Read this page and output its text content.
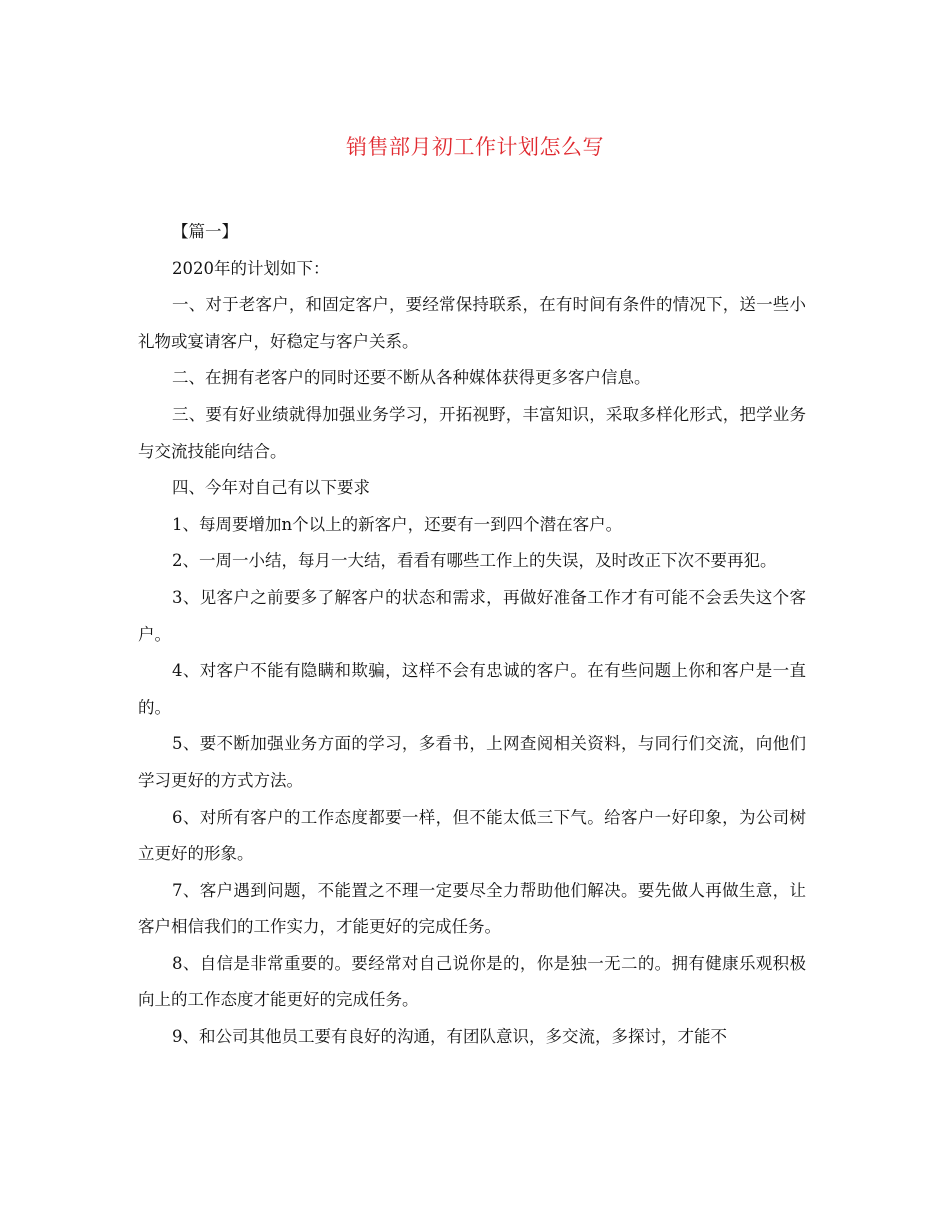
销售部月初工作计划怎么写

【篇一】

2020年的计划如下：

一、对于老客户，和固定客户，要经常保持联系，在有时间有条件的情况下，送一些小礼物或宴请客户，好稳定与客户关系。

二、在拥有老客户的同时还要不断从各种媒体获得更多客户信息。

三、要有好业绩就得加强业务学习，开拓视野，丰富知识，采取多样化形式，把学业务与交流技能向结合。

四、今年对自己有以下要求

1、每周要增加n个以上的新客户，还要有一到四个潜在客户。

2、一周一小结，每月一大结，看看有哪些工作上的失误，及时改正下次不要再犯。

3、见客户之前要多了解客户的状态和需求，再做好准备工作才有可能不会丢失这个客户。

4、对客户不能有隐瞒和欺骗，这样不会有忠诚的客户。在有些问题上你和客户是一直的。

5、要不断加强业务方面的学习，多看书，上网查阅相关资料，与同行们交流，向他们学习更好的方式方法。

6、对所有客户的工作态度都要一样，但不能太低三下气。给客户一好印象，为公司树立更好的形象。

7、客户遇到问题，不能置之不理一定要尽全力帮助他们解决。要先做人再做生意，让客户相信我们的工作实力，才能更好的完成任务。

8、自信是非常重要的。要经常对自己说你是的，你是独一无二的。拥有健康乐观积极向上的工作态度才能更好的完成任务。

9、和公司其他员工要有良好的沟通，有团队意识，多交流，多探讨，才能不
